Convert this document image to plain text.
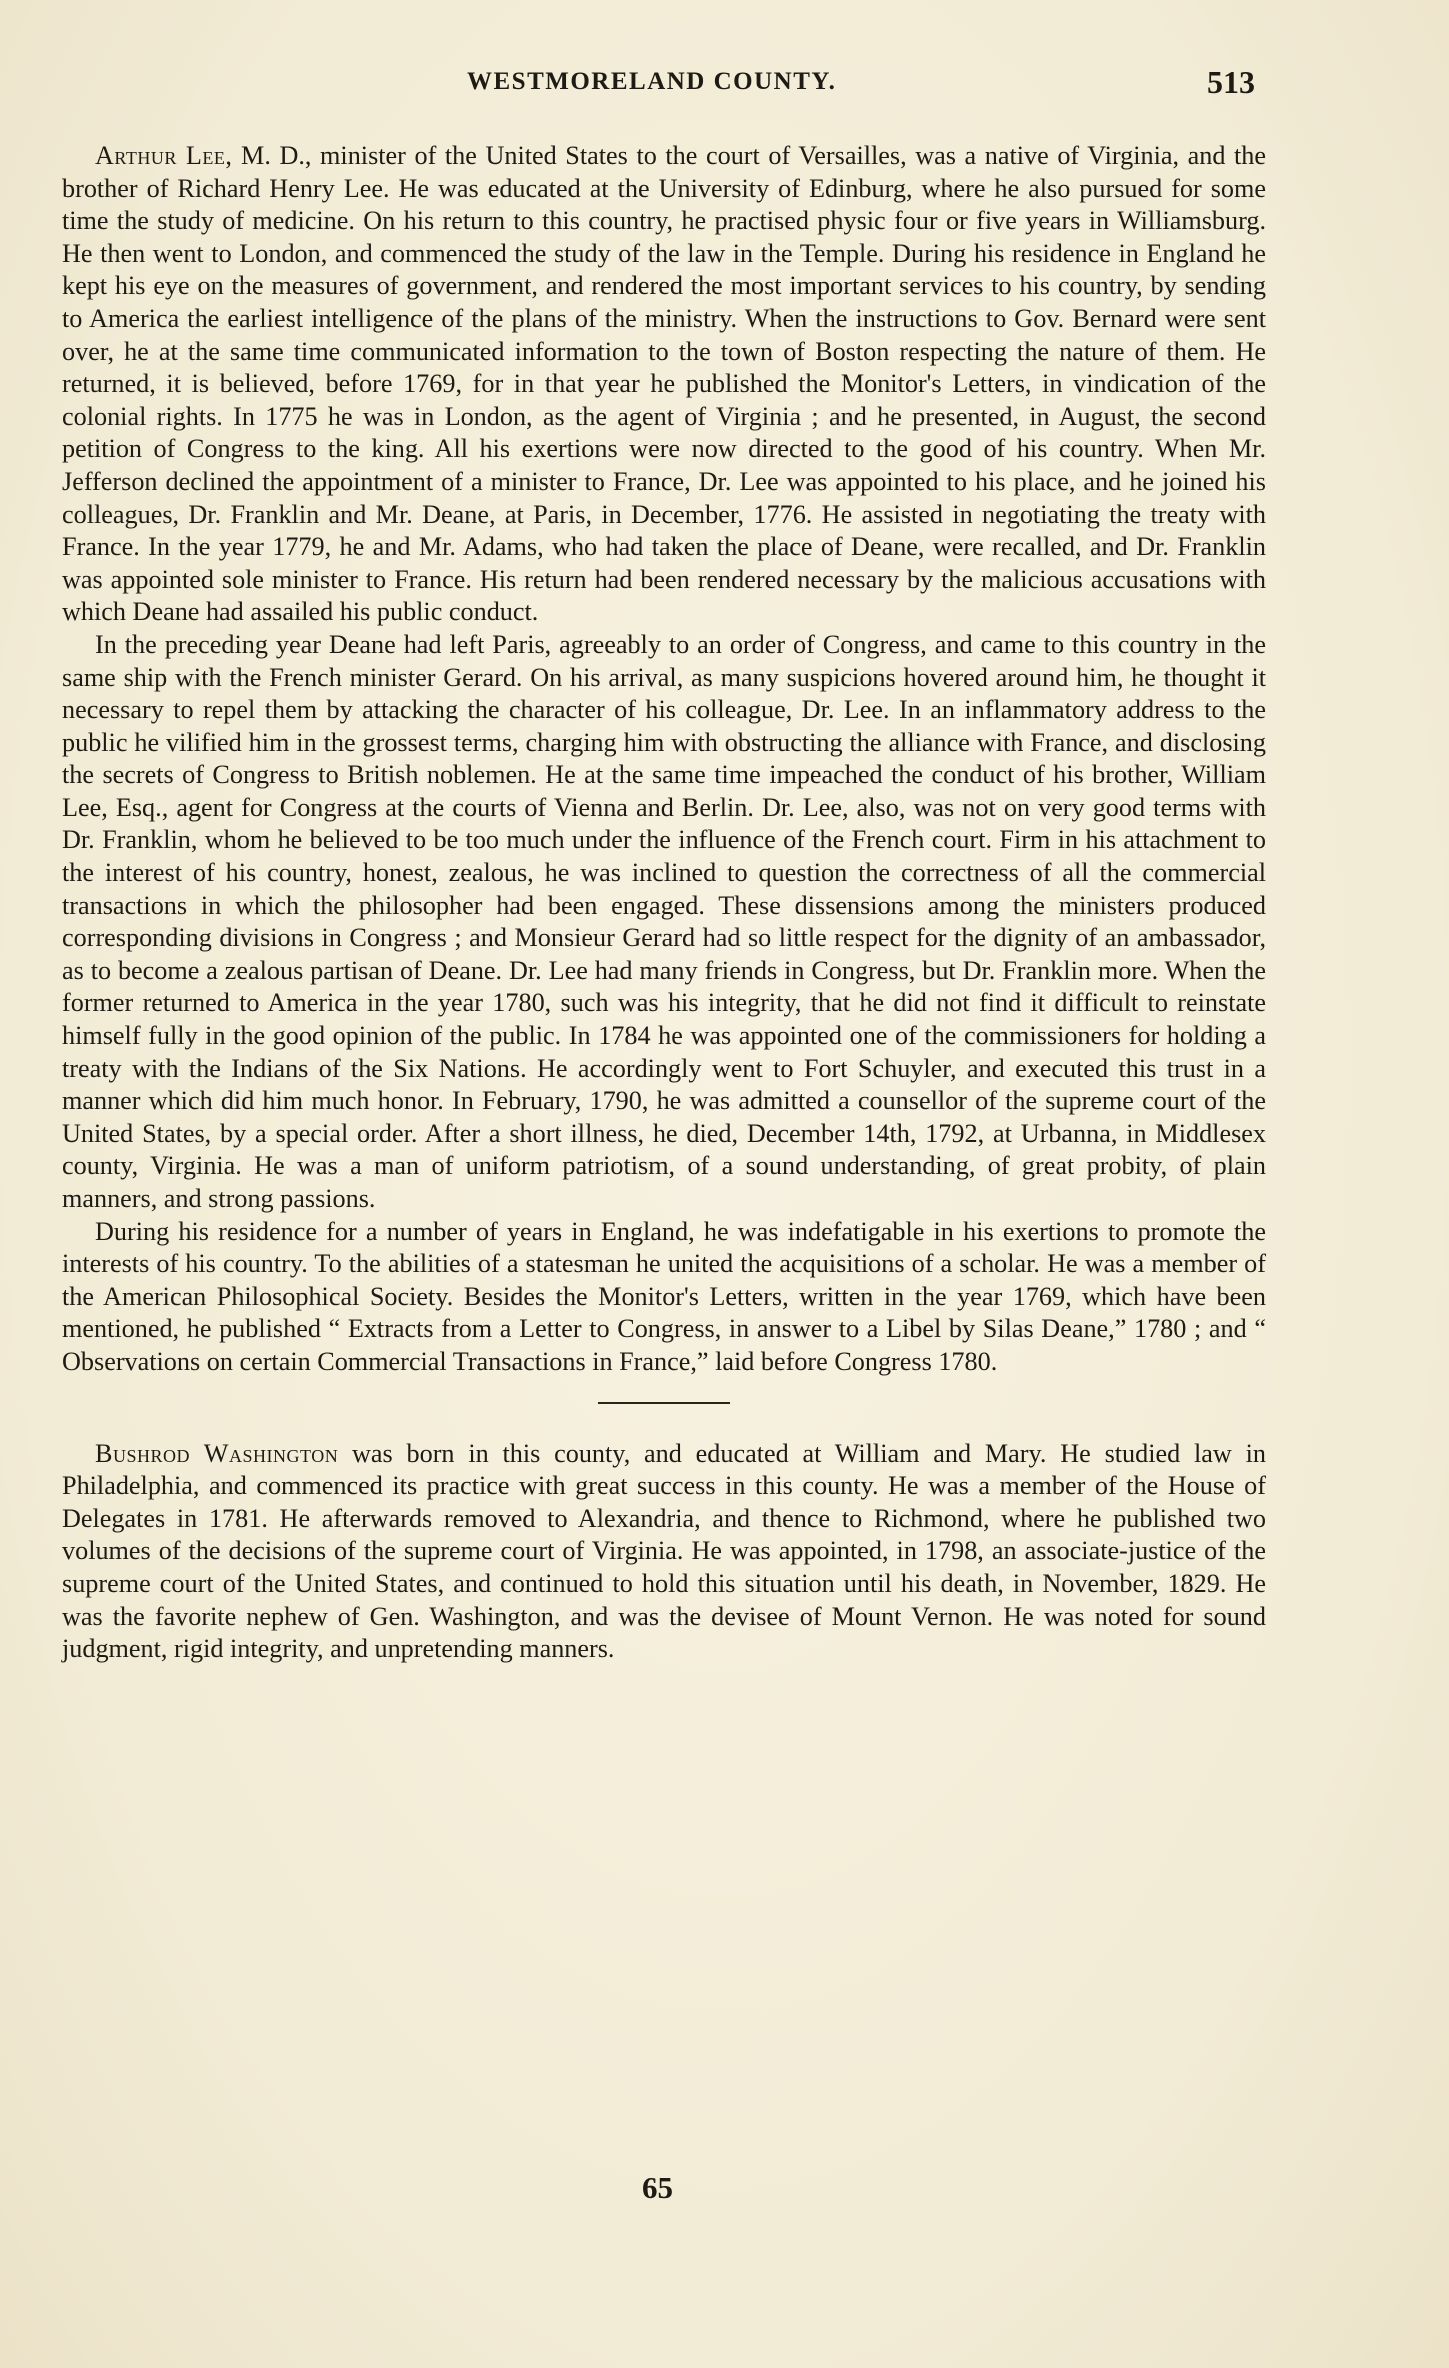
WESTMORELAND COUNTY.	513

Arthur Lee, M. D., minister of the United States to the court of Versailles, was a native of Virginia, and the brother of Richard Henry Lee. He was educated at the University of Edinburg, where he also pursued for some time the study of medicine. On his return to this country, he practised physic four or five years in Williamsburg. He then went to London, and commenced the study of the law in the Temple. During his residence in England he kept his eye on the measures of government, and rendered the most important services to his country, by sending to America the earliest intelligence of the plans of the ministry. When the instructions to Gov. Bernard were sent over, he at the same time communicated information to the town of Boston respecting the nature of them. He returned, it is believed, before 1769, for in that year he published the Monitor's Letters, in vindication of the colonial rights. In 1775 he was in London, as the agent of Virginia ; and he presented, in August, the second petition of Congress to the king. All his exertions were now directed to the good of his country. When Mr. Jefferson declined the appointment of a minister to France, Dr. Lee was appointed to his place, and he joined his colleagues, Dr. Franklin and Mr. Deane, at Paris, in December, 1776. He assisted in negotiating the treaty with France. In the year 1779, he and Mr. Adams, who had taken the place of Deane, were recalled, and Dr. Franklin was appointed sole minister to France. His return had been rendered necessary by the malicious accusations with which Deane had assailed his public conduct.

In the preceding year Deane had left Paris, agreeably to an order of Congress, and came to this country in the same ship with the French minister Gerard. On his arrival, as many suspicions hovered around him, he thought it necessary to repel them by attacking the character of his colleague, Dr. Lee. In an inflammatory address to the public he vilified him in the grossest terms, charging him with obstructing the alliance with France, and disclosing the secrets of Congress to British noblemen. He at the same time impeached the conduct of his brother, William Lee, Esq., agent for Congress at the courts of Vienna and Berlin. Dr. Lee, also, was not on very good terms with Dr. Franklin, whom he believed to be too much under the influence of the French court. Firm in his attachment to the interest of his country, honest, zealous, he was inclined to question the correctness of all the commercial transactions in which the philosopher had been engaged. These dissensions among the ministers produced corresponding divisions in Congress ; and Monsieur Gerard had so little respect for the dignity of an ambassador, as to become a zealous partisan of Deane. Dr. Lee had many friends in Congress, but Dr. Franklin more. When the former returned to America in the year 1780, such was his integrity, that he did not find it difficult to reinstate himself fully in the good opinion of the public. In 1784 he was appointed one of the commissioners for holding a treaty with the Indians of the Six Nations. He accordingly went to Fort Schuyler, and executed this trust in a manner which did him much honor. In February, 1790, he was admitted a counsellor of the supreme court of the United States, by a special order. After a short illness, he died, December 14th, 1792, at Urbanna, in Middlesex county, Virginia. He was a man of uniform patriotism, of a sound understanding, of great probity, of plain manners, and strong passions.

During his residence for a number of years in England, he was indefatigable in his exertions to promote the interests of his country. To the abilities of a statesman he united the acquisitions of a scholar. He was a member of the American Philosophical Society. Besides the Monitor's Letters, written in the year 1769, which have been mentioned, he published “ Extracts from a Letter to Congress, in answer to a Libel by Silas Deane,” 1780 ; and “ Observations on certain Commercial Transactions in France,” laid before Congress 1780.

Bushrod Washington was born in this county, and educated at William and Mary. He studied law in Philadelphia, and commenced its practice with great success in this county. He was a member of the House of Delegates in 1781. He afterwards removed to Alexandria, and thence to Richmond, where he published two volumes of the decisions of the supreme court of Virginia. He was appointed, in 1798, an associate-justice of the supreme court of the United States, and continued to hold this situation until his death, in November, 1829. He was the favorite nephew of Gen. Washington, and was the devisee of Mount Vernon. He was noted for sound judgment, rigid integrity, and unpretending manners.

65
